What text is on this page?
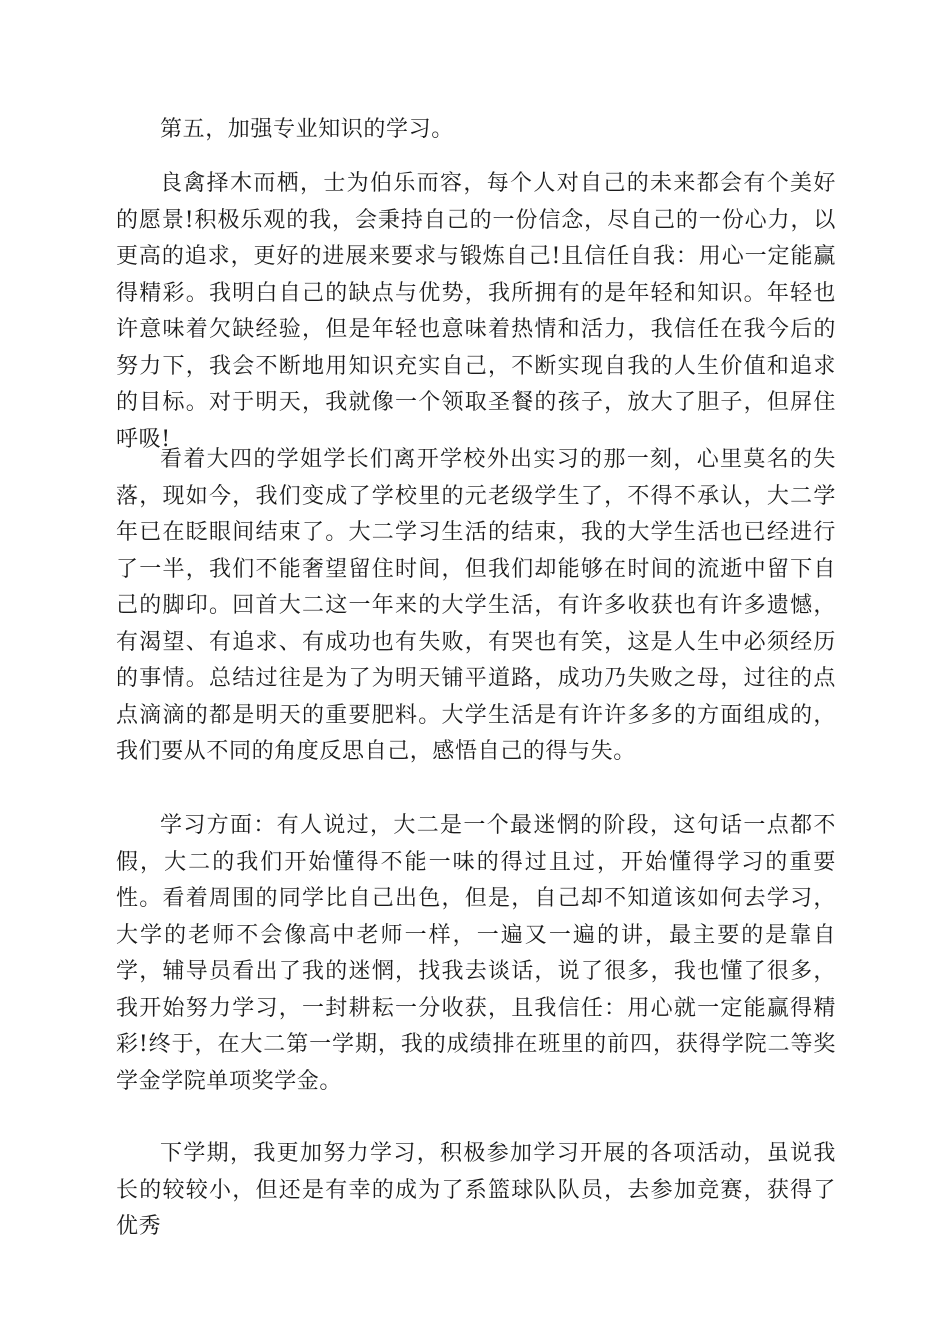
第五，加强专业知识的学习。

良禽择木而栖，士为伯乐而容，每个人对自己的未来都会有个美好的愿景!积极乐观的我，会秉持自己的一份信念，尽自己的一份心力，以更高的追求，更好的进展来要求与锻炼自己!且信任自我：用心一定能赢得精彩。我明白自己的缺点与优势，我所拥有的是年轻和知识。年轻也许意味着欠缺经验，但是年轻也意味着热情和活力，我信任在我今后的努力下，我会不断地用知识充实自己，不断实现自我的人生价值和追求的目标。对于明天，我就像一个领取圣餐的孩子，放大了胆子，但屏住呼吸!

看着大四的学姐学长们离开学校外出实习的那一刻，心里莫名的失落，现如今，我们变成了学校里的元老级学生了，不得不承认，大二学年已在眨眼间结束了。大二学习生活的结束，我的大学生活也已经进行了一半，我们不能奢望留住时间，但我们却能够在时间的流逝中留下自己的脚印。回首大二这一年来的大学生活，有许多收获也有许多遗憾，有渴望、有追求、有成功也有失败，有哭也有笑，这是人生中必须经历的事情。总结过往是为了为明天铺平道路，成功乃失败之母，过往的点点滴滴的都是明天的重要肥料。大学生活是有许许多多的方面组成的，我们要从不同的角度反思自己，感悟自己的得与失。

学习方面：有人说过，大二是一个最迷惘的阶段，这句话一点都不假，大二的我们开始懂得不能一味的得过且过，开始懂得学习的重要性。看着周围的同学比自己出色，但是，自己却不知道该如何去学习，大学的老师不会像高中老师一样，一遍又一遍的讲，最主要的是靠自学，辅导员看出了我的迷惘，找我去谈话，说了很多，我也懂了很多，我开始努力学习，一封耕耘一分收获，且我信任：用心就一定能赢得精彩!终于，在大二第一学期，我的成绩排在班里的前四，获得学院二等奖学金学院单项奖学金。

下学期，我更加努力学习，积极参加学习开展的各项活动，虽说我长的较较小，但还是有幸的成为了系篮球队队员，去参加竞赛，获得了优秀
